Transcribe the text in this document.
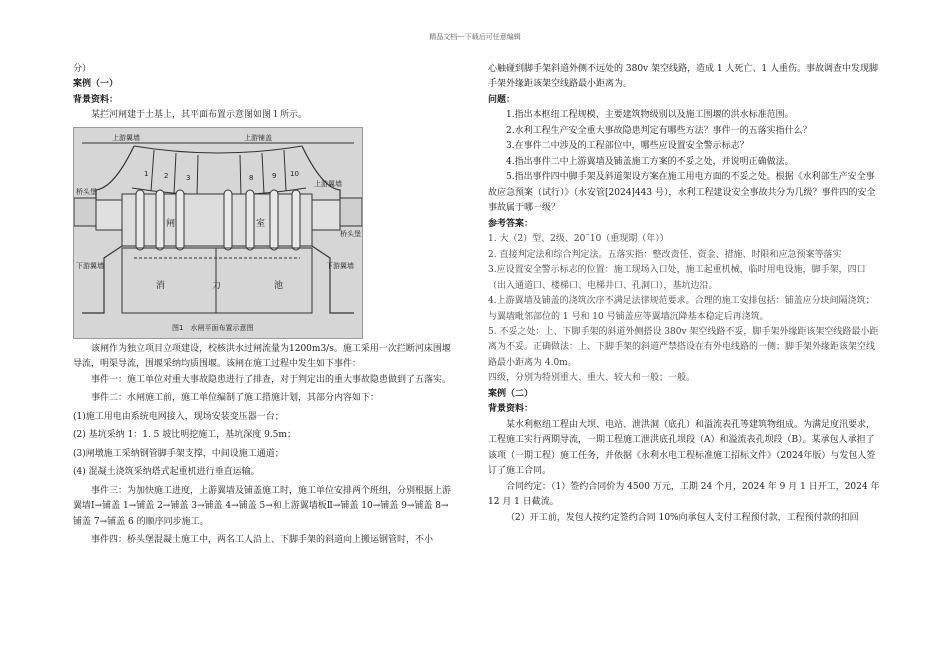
精品文档---下载后可任意编辑

分）

案例（一）

背景资料：

某拦河闸建于土基上，其平面布置示意图如图１所示。

上游翼墙	上游铺盖
上游翼墙
桥头堡
桥头堡
1 2	3	8	9 10
闸	室
下游翼墙	下游翼墙
消	力	池
图1　水闸平面布置示意图

该闸作为独立项目立项建设，校核洪水过闸流量为1200m3/s。施工采用一次拦断河床围堰导流，明渠导流，围堰采纳均质围堰。该闸在施工过程中发生如下事件：

事件一：施工单位对重大事故隐患进行了排查，对于判定出的重大事故隐患做到了五落实。

事件二：水闸施工前，施工单位编制了施工措施计划，其部分内容如下：

(1)施工用电由系统电网接入，现场安装变压器一台；

(2) 基坑采纳 1：1. 5 坡比明挖施工，基坑深度 9.5m；

(3)闸墩施工采纳钢管脚手架支撑，中间设施工通道；

(4) 混凝土浇筑采纳塔式起重机进行垂直运输。

事件三：为加快施工进度，上游翼墙及铺盖施工时，施工单位安排两个班组，分别根据上游翼墙Ⅰ→铺盖 1→铺盖 2→铺盖 3→铺盖 4→铺盖 5→和上游翼墙板Ⅱ→铺盖 10→铺盖 9→铺盖 8→铺盖 7→铺盖 6 的顺序同步施工。

事件四：桥头堡混凝土施工中，两名工人沿上、下脚手架的斜道向上搬运钢管时，不小

心触碰到脚手架斜道外侧不远处的 380v 架空线路，造成 1 人死亡、1 人重伤。事故调查中发现脚手架外缘距该架空线路最小距离为。

问题：

1.指出本枢纽工程规模、主要建筑物级别以及施工围堰的洪水标准范围。

2.水利工程生产安全重大事故隐患判定有哪些方法？事件一的五落实指什么？

3.在事件二中涉及的工程部位中，哪些应设置安全警示标志？

4.指出事件二中上游翼墙及铺盖施工方案的不妥之处，并说明正确做法。

5.指出事件四中脚手架及斜道架设方案在施工用电方面的不妥之处。根据《水利部生产安全事故应急预案（试行）》（水安管[2024]443 号），水利工程建设安全事故共分为几级？事件四的安全事故属于哪一级？

参考答案：

1. 大（2）型、2级、20¯10（重现期（年））

2. 直接判定法和综合判定法。五落实指：整改责任、资金、措施、时限和应急预案等落实

3.应设置安全警示标志的位置：施工现场入口处，施工起重机械，临时用电设施，脚手架，四口（出入通道口、楼梯口、电梯井口、孔洞口），基坑边沿。

4.上游翼墙及铺盖的浇筑次序不满足法律规范要求。合理的施工安排包括：铺盖应分块间隔浇筑；与翼墙毗邻部位的 1 号和 10 号铺盖应等翼墙沉降基本稳定后再浇筑。

5. 不妥之处：上、下脚手架的斜道外侧搭设 380v 架空线路不妥，脚手架外缘距该架空线路最小距离为不妥。正确做法：上、下脚手架的斜道严禁搭设在有外电线路的一侧；脚手架外缘距该架空线路最小距离为 4.0m。

四级，分别为特别重大、重大、较大和一般；一般。

案例（二）

背景资料：

某水利枢纽工程由大坝、电站、泄洪洞（底孔）和溢流表孔等建筑物组成。为满足度汛要求，工程施工实行两期导流，一期工程施工泄洪底孔坝段（A）和溢流表孔坝段（B）。某承包人承担了该项（一期工程）施工任务，并依据《水利水电工程标准施工招标文件》（2024年版）与发包人签订了施工合同。

合同约定：（1）签约合同价为 4500 万元，工期 24 个月，2024 年 9 月 1 日开工，2024 年 12 月 1 日截流。

（2）开工前，发包人按约定签约合同 10%向承包人支付工程预付款，工程预付款的扣回
